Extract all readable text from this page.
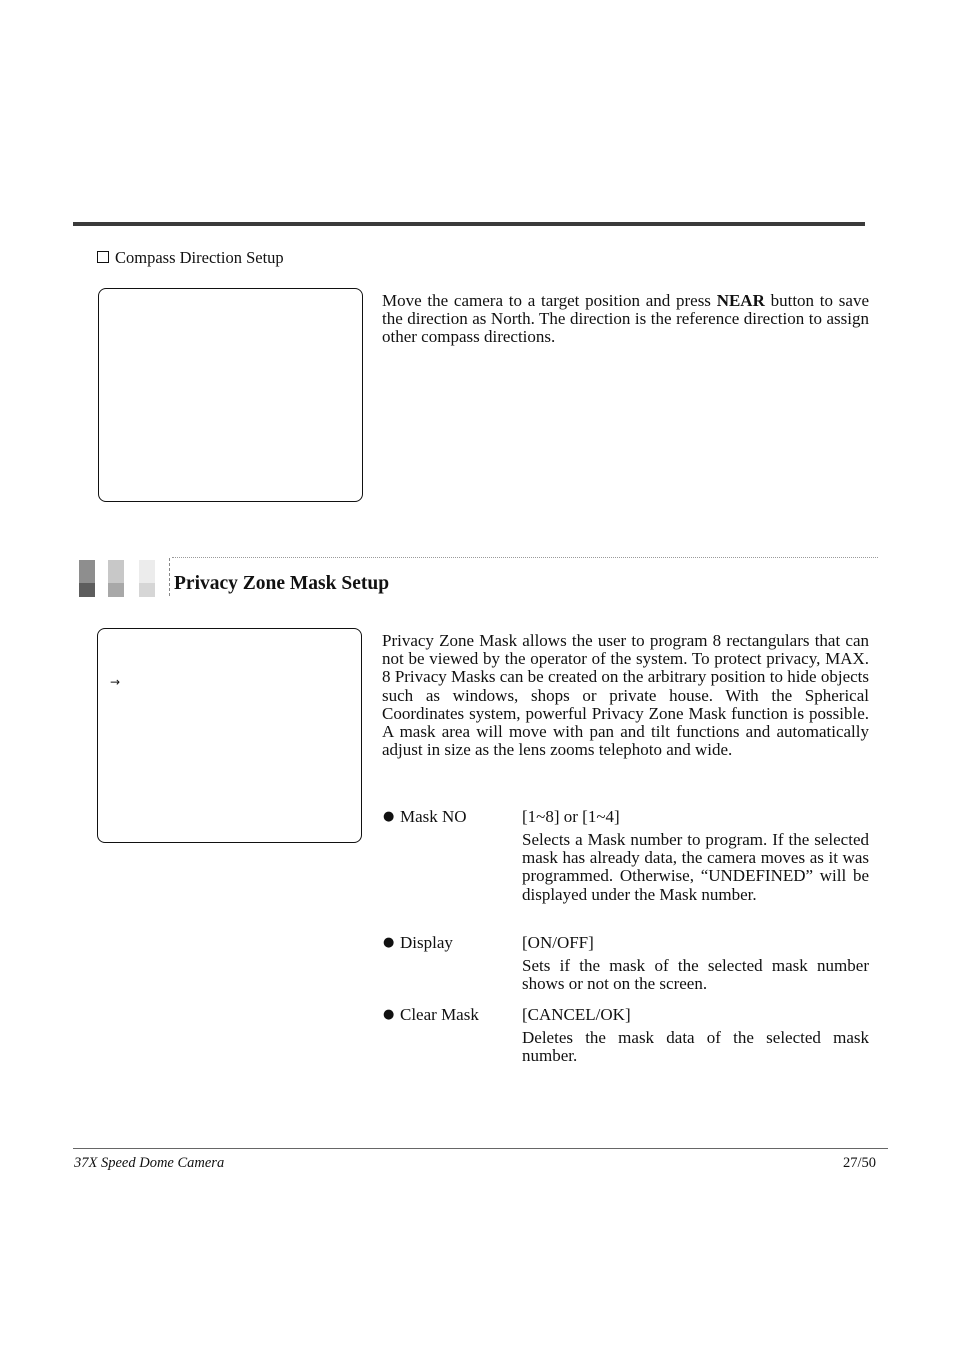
Compass Direction Setup
Move the camera to a target position and press NEAR button to save the direction as North. The direction is the reference direction to assign other compass directions.
Privacy Zone Mask Setup
→
Privacy Zone Mask allows the user to program 8 rectangulars that can not be viewed by the operator of the system. To protect privacy, MAX. 8 Privacy Masks can be created on the arbitrary position to hide objects such as windows, shops or private house. With the Spherical Coordinates system, powerful Privacy Zone Mask function is possible. A mask area will move with pan and tilt functions and automatically adjust in size as the lens zooms telephoto and wide.
● Mask NO	[1~8] or [1~4]
Selects a Mask number to program. If the selected mask has already data, the camera moves as it was programmed. Otherwise, “UNDEFINED” will be displayed under the Mask number.
● Display	[ON/OFF]
Sets if the mask of the selected mask number shows or not on the screen.
● Clear Mask	[CANCEL/OK]
Deletes the mask data of the selected mask number.
37X Speed Dome Camera	27/50
